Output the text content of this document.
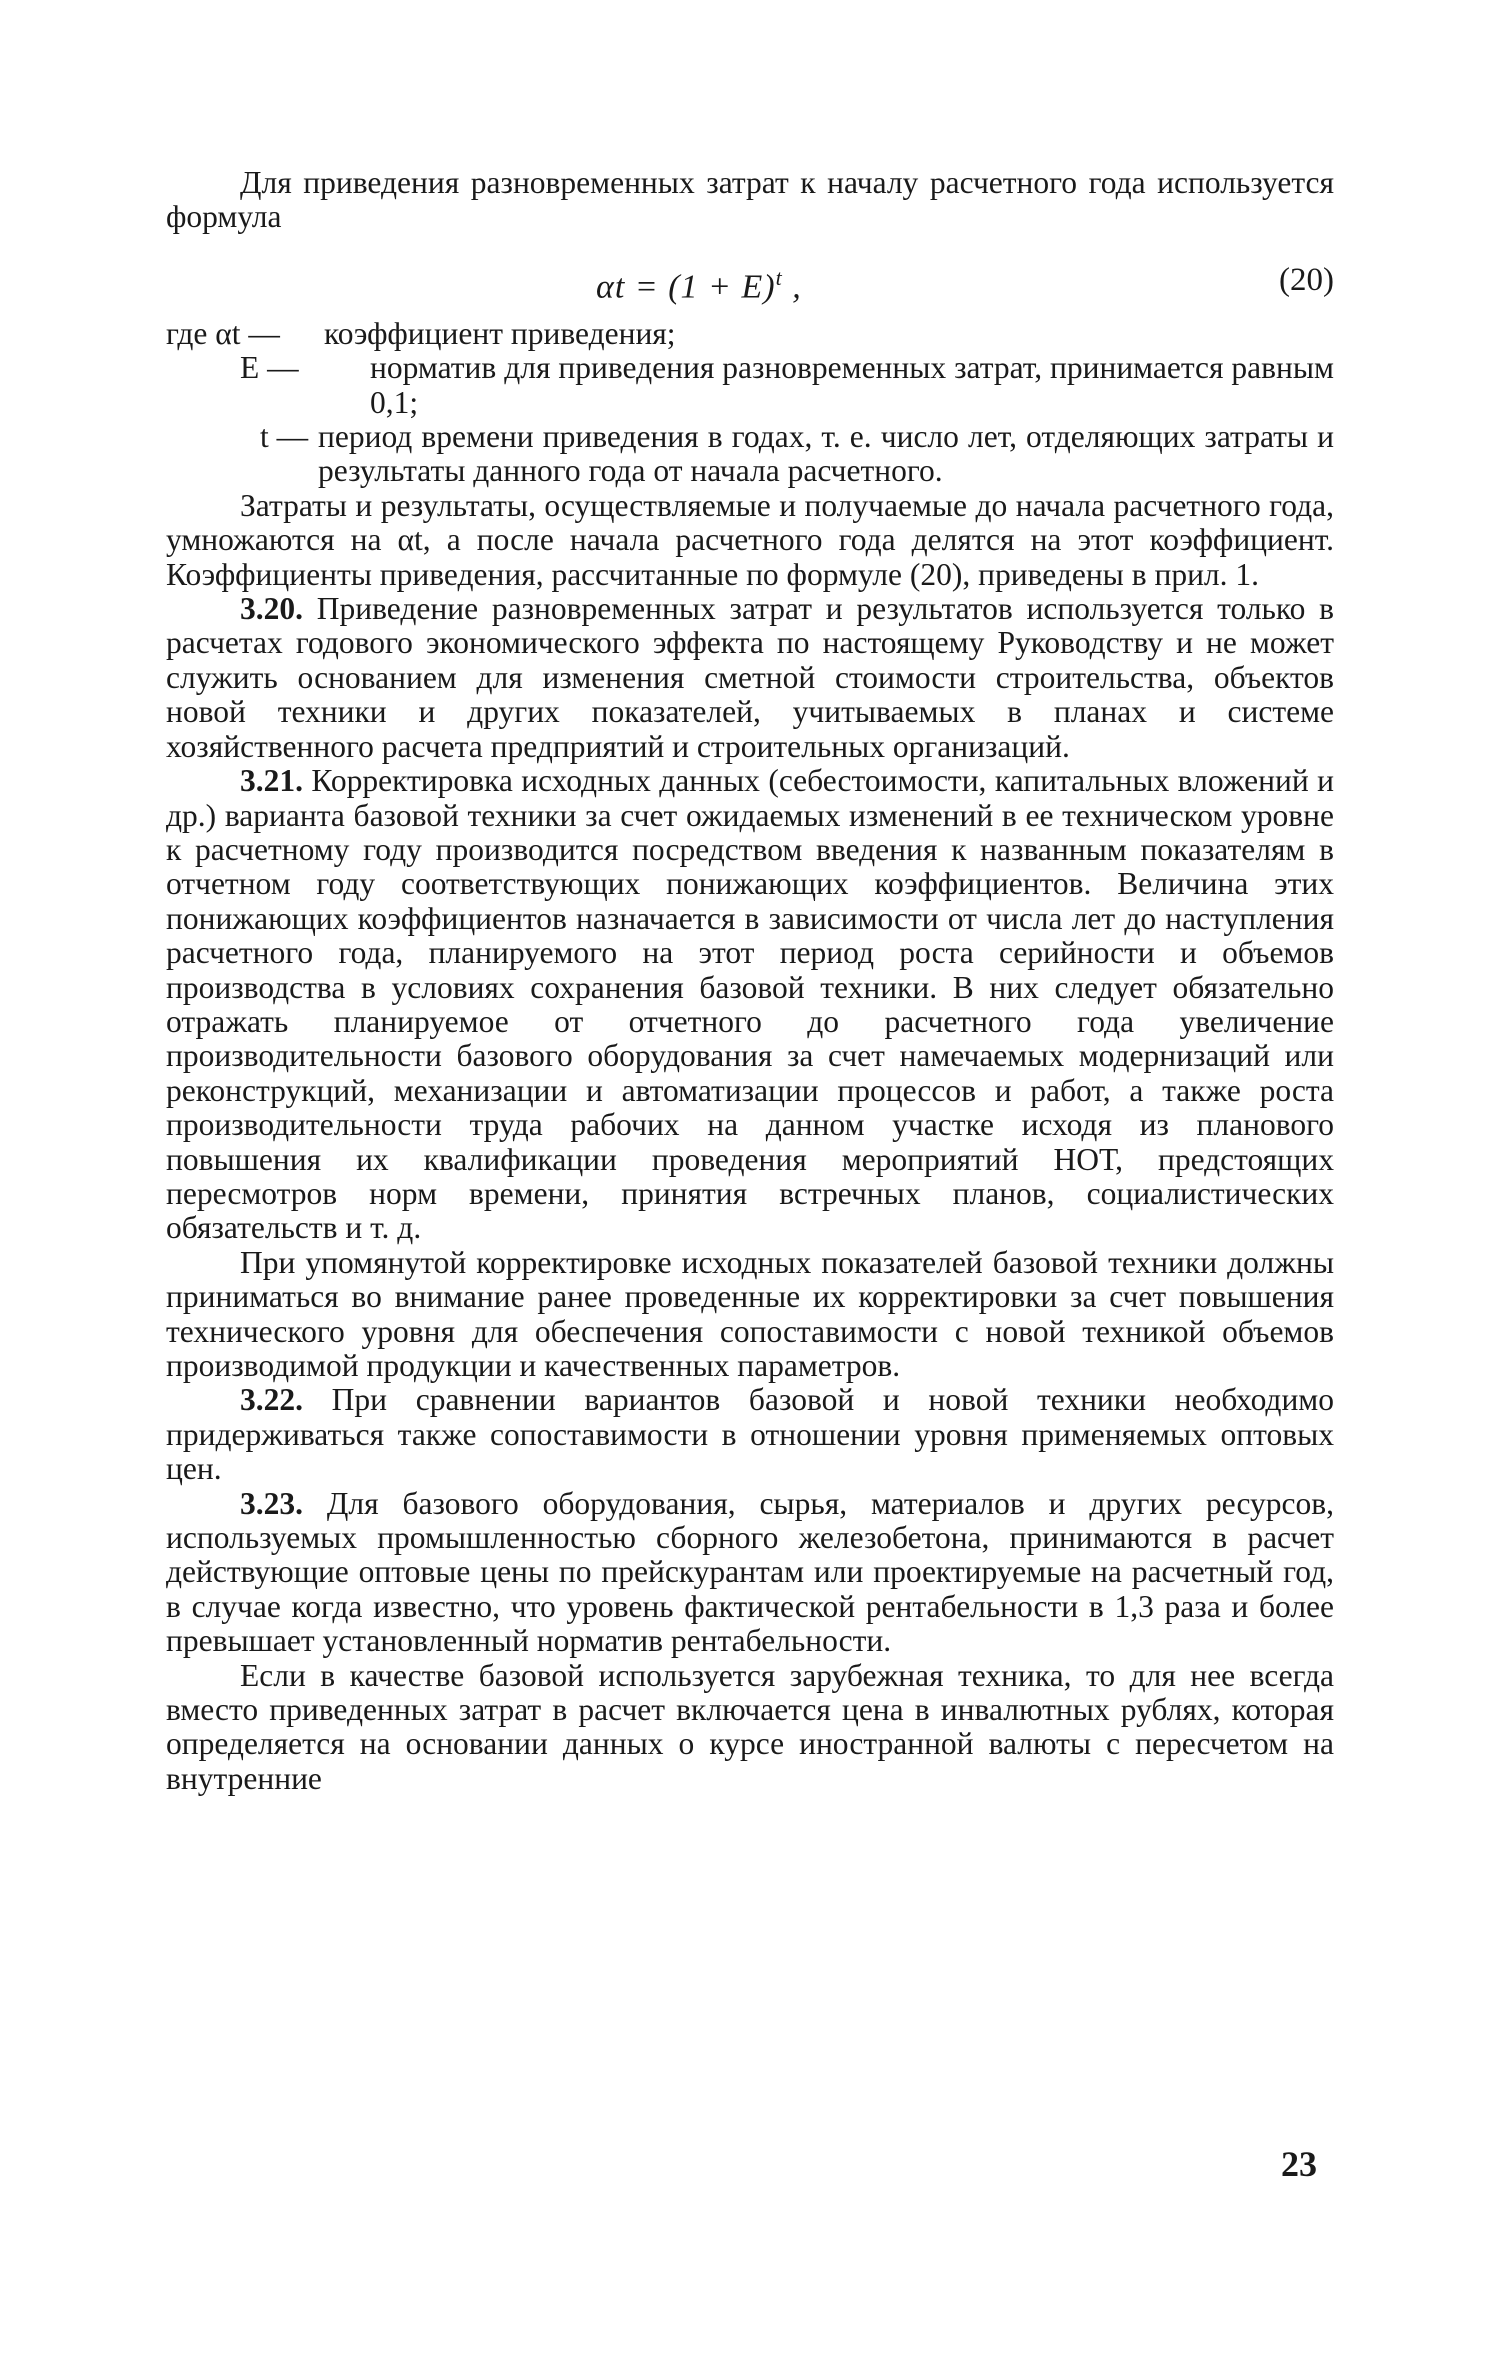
Для приведения разновременных затрат к началу расчетного года используется формула

$\alpha t = (1 + E)^t$ ,	(20)
где αt —	коэффициент приведения;
E —	норматив для приведения разновременных затрат, принимается равным 0,1;
t — период времени приведения в годах, т. е. число лет, отделяющих затраты и результаты данного года от начала расчетного.

Затраты и результаты, осуществляемые и получаемые до начала расчетного года, умножаются на αt, а после начала расчетного года делятся на этот коэффициент. Коэффициенты приведения, рассчитанные по формуле (20), приведены в прил. 1.

3.20. Приведение разновременных затрат и результатов используется только в расчетах годового экономического эффекта по настоящему Руководству и не может служить основанием для изменения сметной стоимости строительства, объектов новой техники и других показателей, учитываемых в планах и системе хозяйственного расчета предприятий и строительных организаций.

3.21. Корректировка исходных данных (себестоимости, капитальных вложений и др.) варианта базовой техники за счет ожидаемых изменений в ее техническом уровне к расчетному году производится посредством введения к названным показателям в отчетном году соответствующих понижающих коэффициентов. Величина этих понижающих коэффициентов назначается в зависимости от числа лет до наступления расчетного года, планируемого на этот период роста серийности и объемов производства в условиях сохранения базовой техники. В них следует обязательно отражать планируемое от отчетного до расчетного года увеличение производительности базового оборудования за счет намечаемых модернизаций или реконструкций, механизации и автоматизации процессов и работ, а также роста производительности труда рабочих на данном участке исходя из планового повышения их квалификации проведения мероприятий НОТ, предстоящих пересмотров норм времени, принятия встречных планов, социалистических обязательств и т. д.

При упомянутой корректировке исходных показателей базовой техники должны приниматься во внимание ранее проведенные их корректировки за счет повышения технического уровня для обеспечения сопоставимости с новой техникой объемов производимой продукции и качественных параметров.

3.22. При сравнении вариантов базовой и новой техники необходимо придерживаться также сопоставимости в отношении уровня применяемых оптовых цен.

3.23. Для базового оборудования, сырья, материалов и других ресурсов, используемых промышленностью сборного железобетона, принимаются в расчет действующие оптовые цены по прейскурантам или проектируемые на расчетный год, в случае когда известно, что уровень фактической рентабельности в 1,3 раза и более превышает установленный норматив рентабельности.

Если в качестве базовой используется зарубежная техника, то для нее всегда вместо приведенных затрат в расчет включается цена в инвалютных рублях, которая определяется на основании данных о курсе иностранной валюты с пересчетом на внутренние

23
